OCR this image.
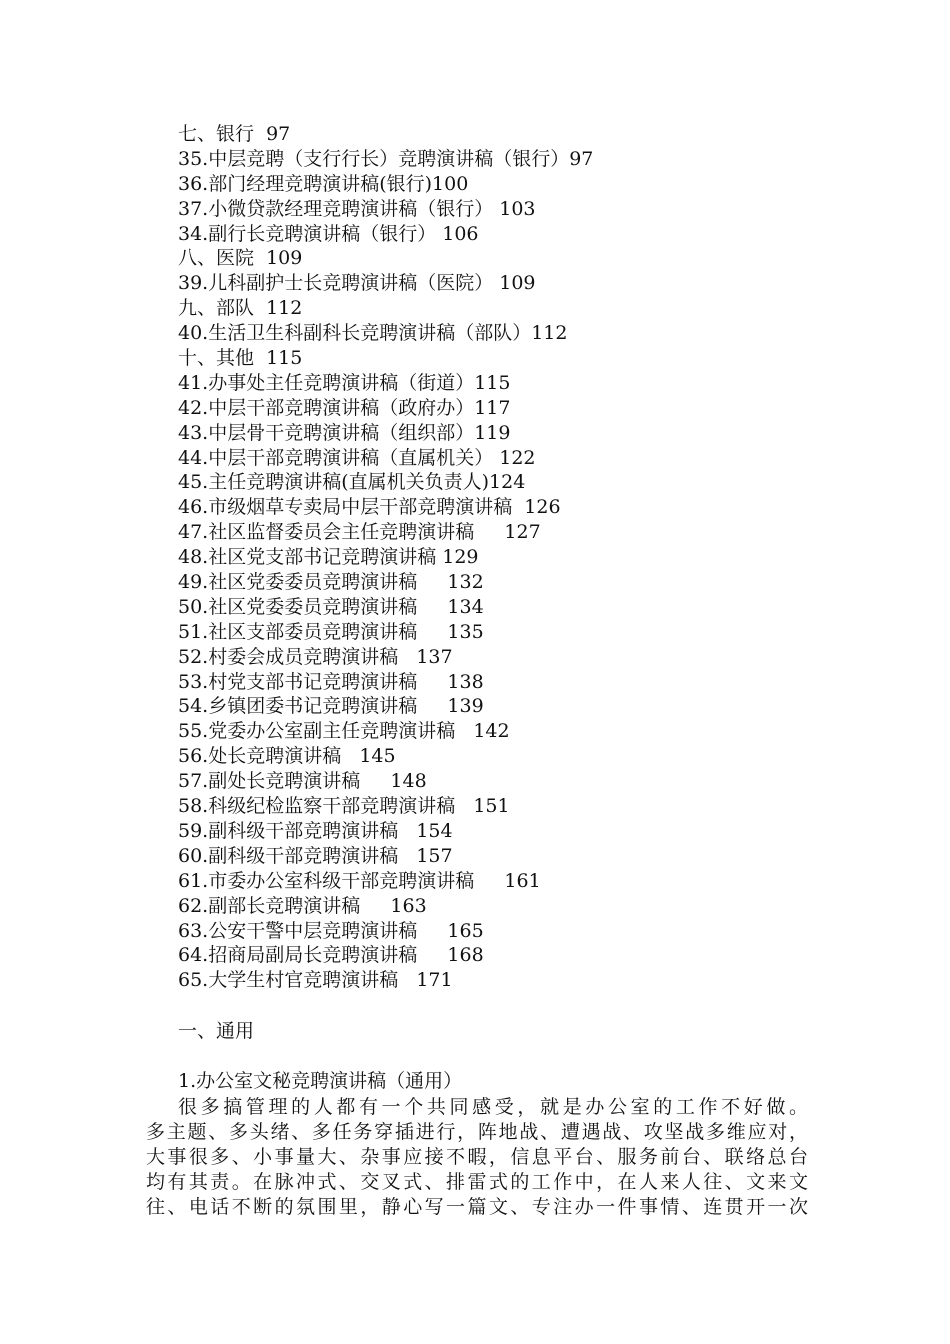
七、银行  97
35.中层竞聘（支行行长）竞聘演讲稿（银行）97
36.部门经理竞聘演讲稿(银行)100
37.小微贷款经理竞聘演讲稿（银行） 103
34.副行长竞聘演讲稿（银行） 106
八、医院  109
39.儿科副护士长竞聘演讲稿（医院） 109
九、部队  112
40.生活卫生科副科长竞聘演讲稿（部队）112
十、其他  115
41.办事处主任竞聘演讲稿（街道）115
42.中层干部竞聘演讲稿（政府办）117
43.中层骨干竞聘演讲稿（组织部）119
44.中层干部竞聘演讲稿（直属机关） 122
45.主任竞聘演讲稿(直属机关负责人)124
46.市级烟草专卖局中层干部竞聘演讲稿  126
47.社区监督委员会主任竞聘演讲稿     127
48.社区党支部书记竞聘演讲稿 129
49.社区党委委员竞聘演讲稿     132
50.社区党委委员竞聘演讲稿     134
51.社区支部委员竞聘演讲稿     135
52.村委会成员竞聘演讲稿   137
53.村党支部书记竞聘演讲稿     138
54.乡镇团委书记竞聘演讲稿     139
55.党委办公室副主任竞聘演讲稿   142
56.处长竞聘演讲稿   145
57.副处长竞聘演讲稿     148
58.科级纪检监察干部竞聘演讲稿   151
59.副科级干部竞聘演讲稿   154
60.副科级干部竞聘演讲稿   157
61.市委办公室科级干部竞聘演讲稿     161
62.副部长竞聘演讲稿     163
63.公安干警中层竞聘演讲稿     165
64.招商局副局长竞聘演讲稿     168
65.大学生村官竞聘演讲稿   171
一、通用
1.办公室文秘竞聘演讲稿（通用）
很多搞管理的人都有一个共同感受，就是办公室的工作不好做。
多主题、多头绪、多任务穿插进行，阵地战、遭遇战、攻坚战多维应对，
大事很多、小事量大、杂事应接不暇，信息平台、服务前台、联络总台
均有其责。在脉冲式、交叉式、排雷式的工作中，在人来人往、文来文
往、电话不断的氛围里，静心写一篇文、专注办一件事情、连贯开一次
